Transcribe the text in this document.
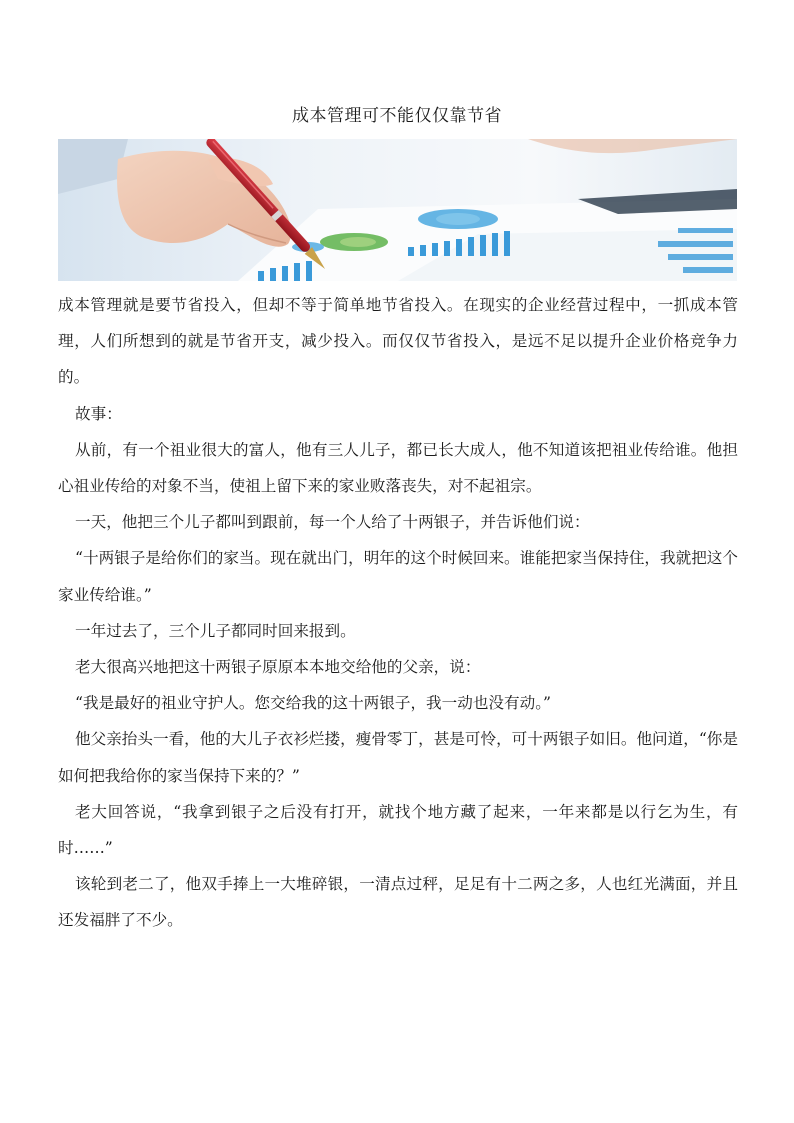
成本管理可不能仅仅靠节省

成本管理就是要节省投入，但却不等于简单地节省投入。在现实的企业经营过程中，一抓成本管理，人们所想到的就是节省开支，减少投入。而仅仅节省投入，是远不足以提升企业价格竞争力的。

故事：

从前，有一个祖业很大的富人，他有三人儿子，都已长大成人，他不知道该把祖业传给谁。他担心祖业传给的对象不当，使祖上留下来的家业败落丧失，对不起祖宗。

一天，他把三个儿子都叫到跟前，每一个人给了十两银子，并告诉他们说：

“十两银子是给你们的家当。现在就出门，明年的这个时候回来。谁能把家当保持住，我就把这个家业传给谁。”

一年过去了，三个儿子都同时回来报到。

老大很高兴地把这十两银子原原本本地交给他的父亲，说：

“我是最好的祖业守护人。您交给我的这十两银子，我一动也没有动。”

他父亲抬头一看，他的大儿子衣衫烂搂，瘦骨零丁，甚是可怜，可十两银子如旧。他问道，“你是如何把我给你的家当保持下来的？”

老大回答说，“我拿到银子之后没有打开，就找个地方藏了起来，一年来都是以行乞为生，有时……”

该轮到老二了，他双手捧上一大堆碎银，一清点过秤，足足有十二两之多，人也红光满面，并且还发福胖了不少。
